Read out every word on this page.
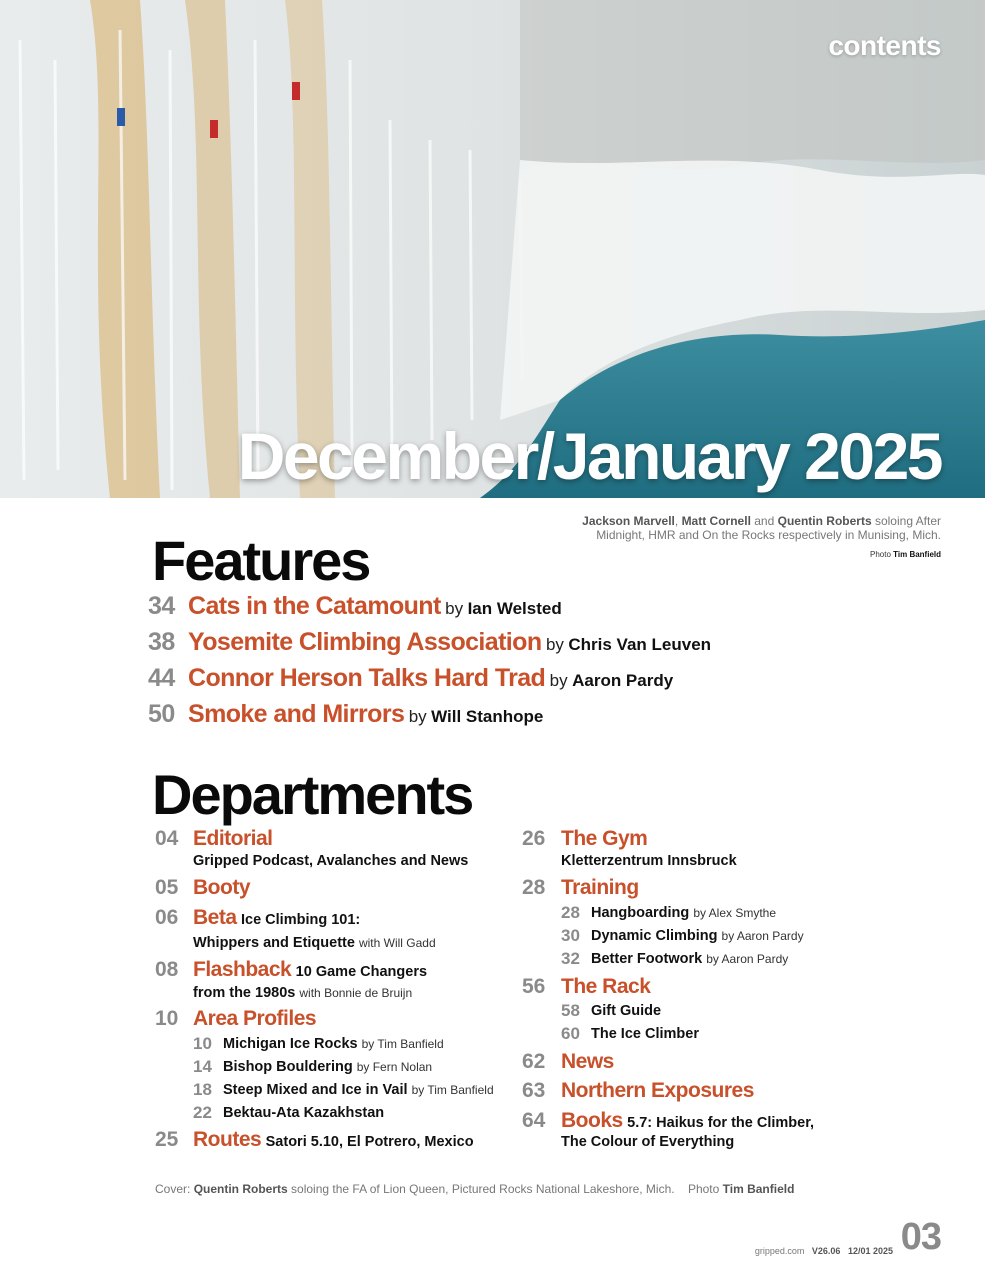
contents
December/January 2025
Jackson Marvell, Matt Cornell and Quentin Roberts soloing After Midnight, HMR and On the Rocks respectively in Munising, Mich.
Photo Tim Banfield
Features
34 Cats in the Catamount by Ian Welsted
38 Yosemite Climbing Association by Chris Van Leuven
44 Connor Herson Talks Hard Trad by Aaron Pardy
50 Smoke and Mirrors by Will Stanhope
Departments
04 Editorial
Gripped Podcast, Avalanches and News
05 Booty
06 Beta Ice Climbing 101:
Whippers and Etiquette with Will Gadd
08 Flashback 10 Game Changers
from the 1980s with Bonnie de Bruijn
10 Area Profiles
10 Michigan Ice Rocks by Tim Banfield
14 Bishop Bouldering by Fern Nolan
18 Steep Mixed and Ice in Vail by Tim Banfield
22 Bektau-Ata Kazakhstan
25 Routes Satori 5.10, El Potrero, Mexico
26 The Gym
Kletterzentrum Innsbruck
28 Training
28 Hangboarding by Alex Smythe
30 Dynamic Climbing by Aaron Pardy
32 Better Footwork by Aaron Pardy
56 The Rack
58 Gift Guide
60 The Ice Climber
62 News
63 Northern Exposures
64 Books 5.7: Haikus for the Climber,
The Colour of Everything
Cover: Quentin Roberts soloing the FA of Lion Queen, Pictured Rocks National Lakeshore, Mich. Photo Tim Banfield
gripped.com V26.06 12/01 2025 03
